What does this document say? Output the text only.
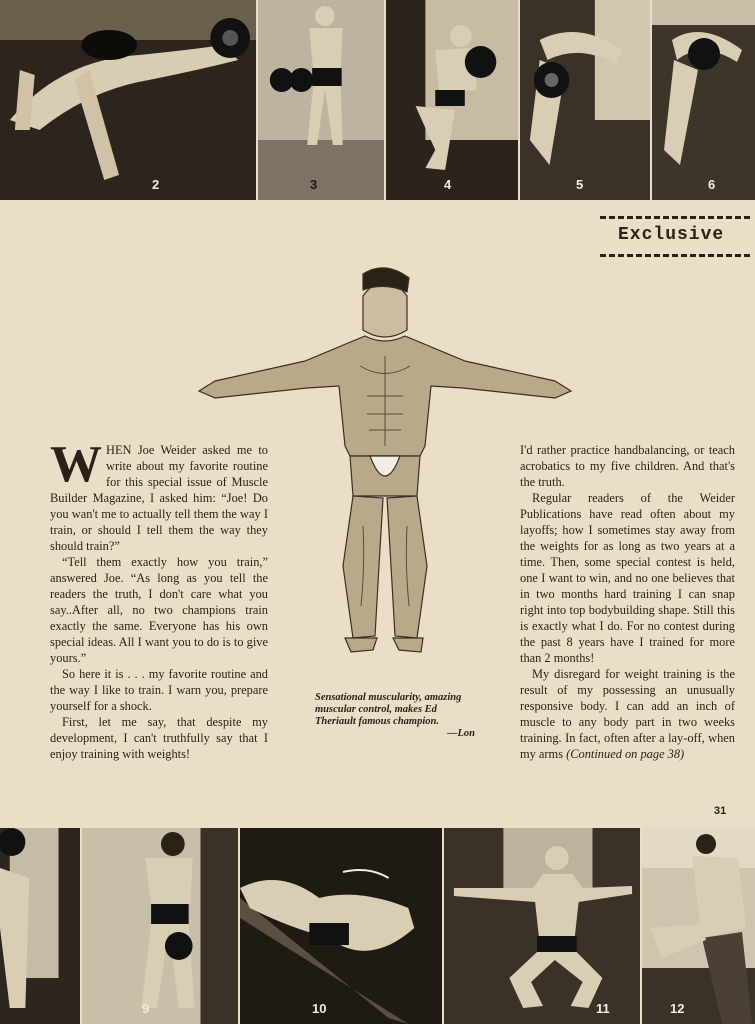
2	3	4	5	6
Exclusive

WHEN Joe Weider asked me to write about my favorite routine for this special issue of Muscle Builder Magazine, I asked him: “Joe! Do you wan't me to actually tell them the way I train, or should I tell them the way they should train?”

“Tell them exactly how you train,” answered Joe. “As long as you tell the readers the truth, I don't care what you say..After all, no two champions train exactly the same. Everyone has his own special ideas. All I want you to do is to give yours.”

So here it is . . . my favorite routine and the way I like to train. I warn you, prepare yourself for a shock.

First, let me say, that despite my development, I can't truthfully say that I enjoy training with weights!

Sensational muscularity, amazing muscular control, makes Ed Theriault famous champion.
—Lon

I'd rather practice handbalancing, or teach acrobatics to my five children. And that's the truth.

Regular readers of the Weider Publications have read often about my layoffs; how I sometimes stay away from the weights for as long as two years at a time. Then, some special contest is held, one I want to win, and no one believes that in two months hard training I can snap right into top bodybuilding shape. Still this is exactly what I do. For no contest during the past 8 years have I trained for more than 2 months!

My disregard for weight training is the result of my possessing an unusually responsive body. I can add an inch of muscle to any body part in two weeks training. In fact, often after a lay-off, when my arms (Continued on page 38)

31
9	10	11	12
